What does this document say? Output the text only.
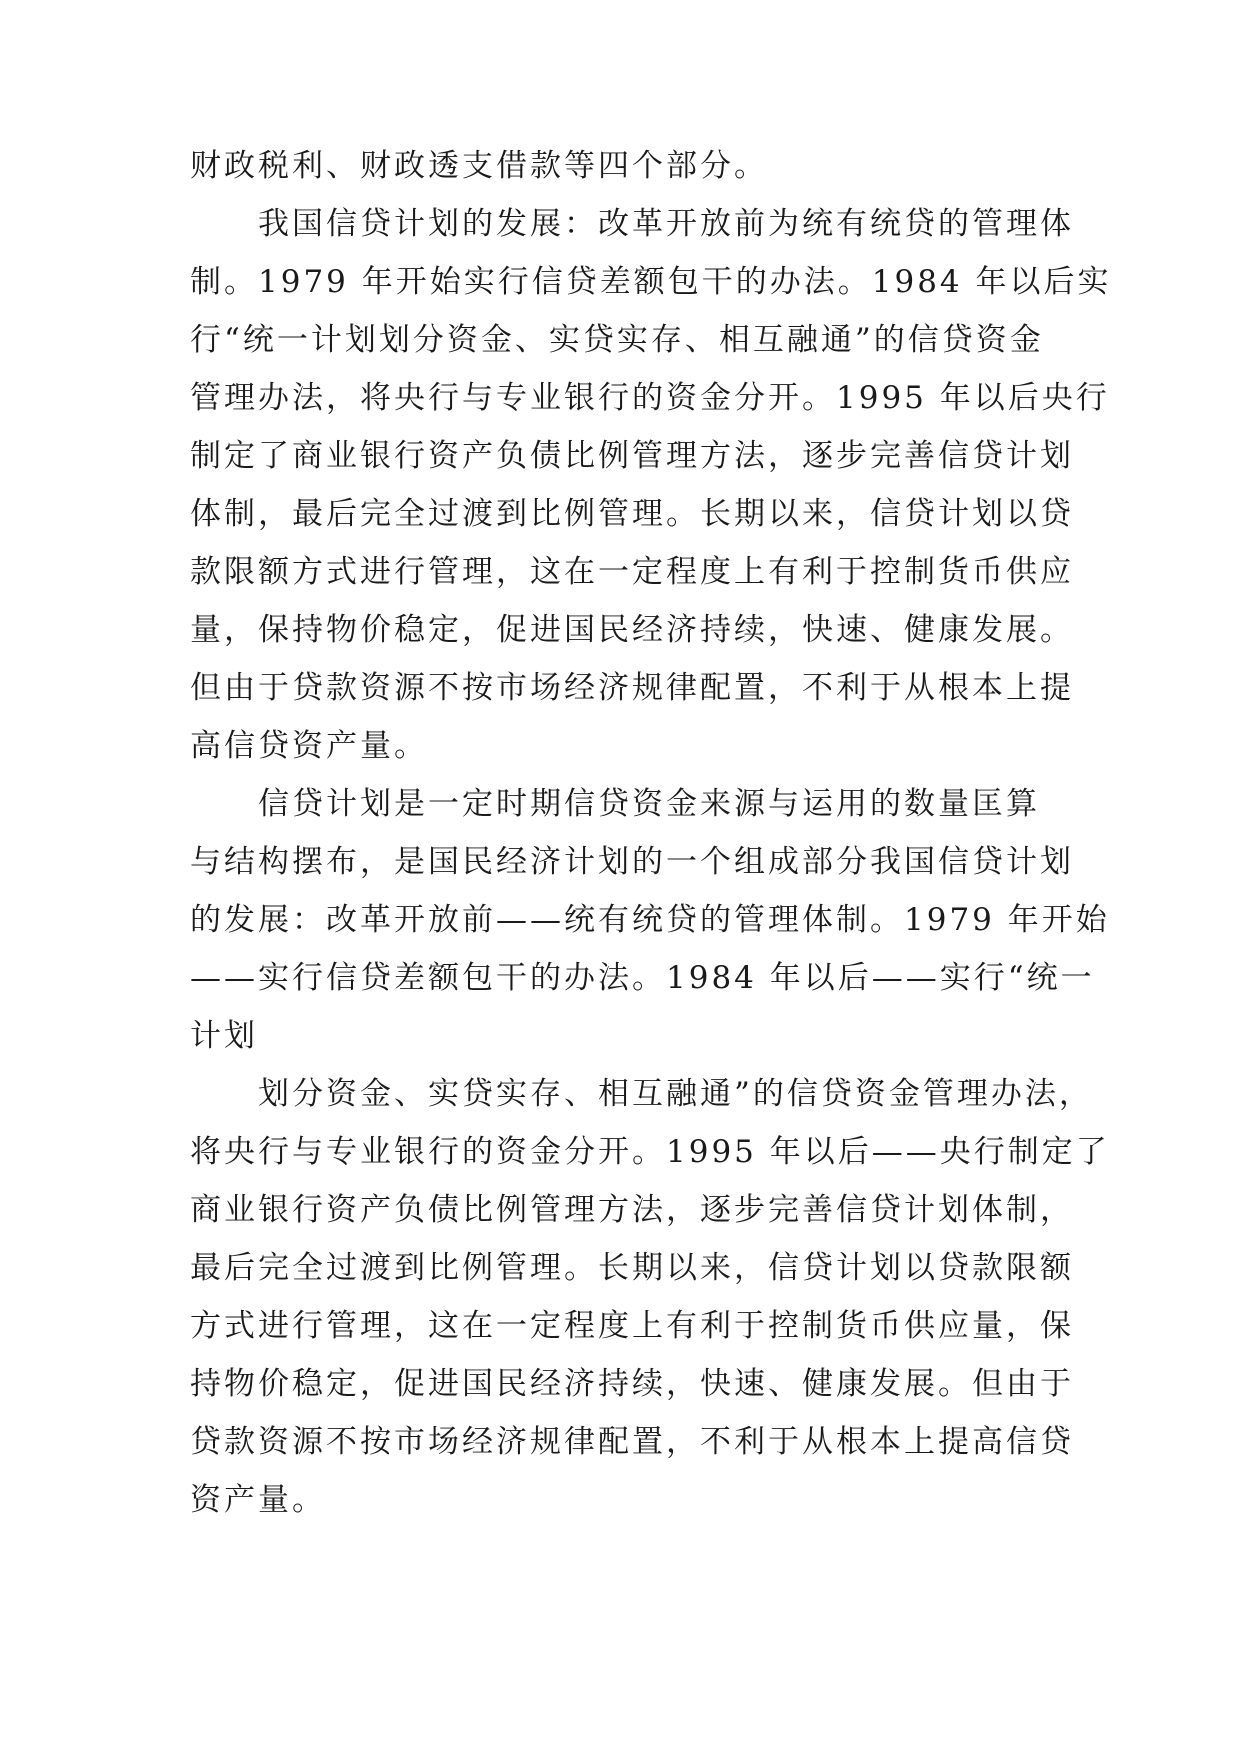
财政税利、财政透支借款等四个部分。

我国信贷计划的发展：改革开放前为统有统贷的管理体

制。1979 年开始实行信贷差额包干的办法。1984 年以后实

行“统一计划划分资金、实贷实存、相互融通”的信贷资金

管理办法，将央行与专业银行的资金分开。1995 年以后央行

制定了商业银行资产负债比例管理方法，逐步完善信贷计划

体制，最后完全过渡到比例管理。长期以来，信贷计划以贷

款限额方式进行管理，这在一定程度上有利于控制货币供应

量，保持物价稳定，促进国民经济持续，快速、健康发展。

但由于贷款资源不按市场经济规律配置，不利于从根本上提

高信贷资产量。

信贷计划是一定时期信贷资金来源与运用的数量匡算

与结构摆布，是国民经济计划的一个组成部分我国信贷计划

的发展：改革开放前——统有统贷的管理体制。1979 年开始

——实行信贷差额包干的办法。1984 年以后——实行“统一

计划

划分资金、实贷实存、相互融通”的信贷资金管理办法，

将央行与专业银行的资金分开。1995 年以后——央行制定了

商业银行资产负债比例管理方法，逐步完善信贷计划体制，

最后完全过渡到比例管理。长期以来，信贷计划以贷款限额

方式进行管理，这在一定程度上有利于控制货币供应量，保

持物价稳定，促进国民经济持续，快速、健康发展。但由于

贷款资源不按市场经济规律配置，不利于从根本上提高信贷

资产量。
